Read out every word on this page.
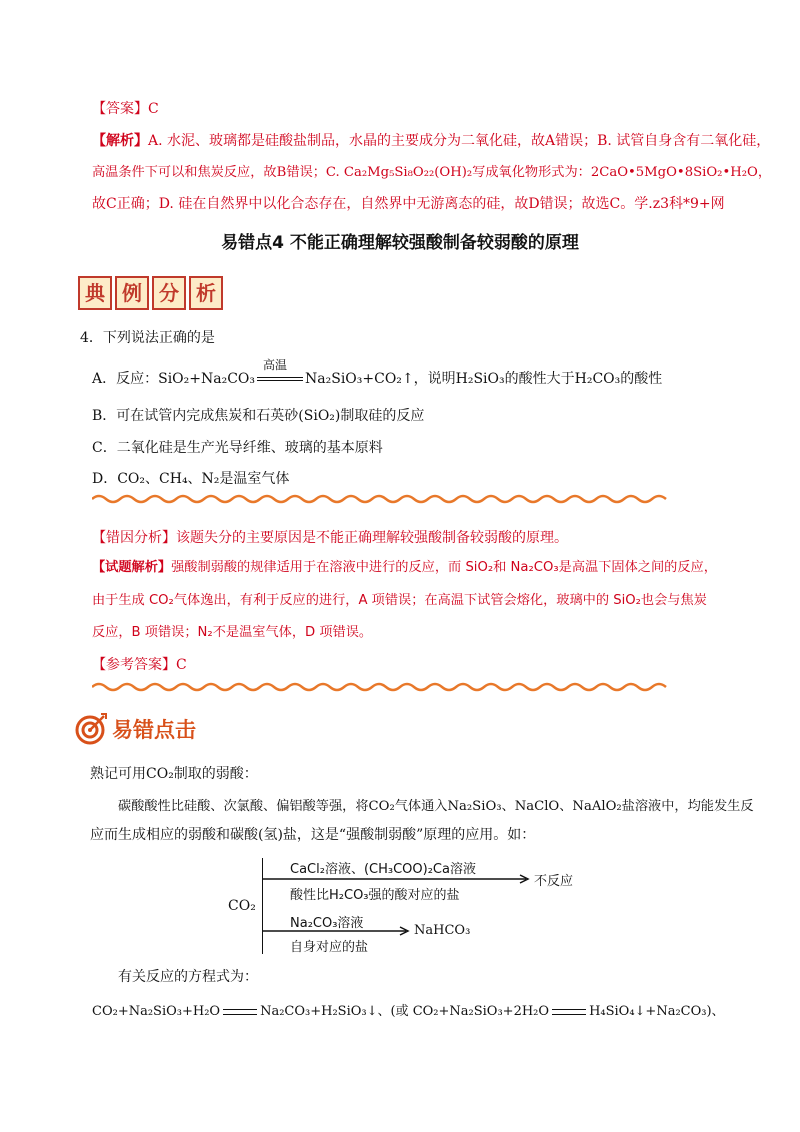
【答案】C
【解析】A. 水泥、玻璃都是硅酸盐制品，水晶的主要成分为二氧化硅，故A错误；B. 试管自身含有二氧化硅，
高温条件下可以和焦炭反应，故B错误；C. Ca₂Mg₅Si₈O₂₂(OH)₂写成氧化物形式为：2CaO•5MgO•8SiO₂•H₂O，
故C正确；D. 硅在自然界中以化合态存在，自然界中无游离态的硅，故D错误；故选C。学.z3科*9+网
易错点4 不能正确理解较强酸制备较弱酸的原理
典 例 分 析
4．下列说法正确的是
A．反应：SiO₂+Na₂CO₃
高温
Na₂SiO₃+CO₂↑，说明H₂SiO₃的酸性大于H₂CO₃的酸性
B．可在试管内完成焦炭和石英砂(SiO₂)制取硅的反应
C．二氧化硅是生产光导纤维、玻璃的基本原料
D．CO₂、CH₄、N₂是温室气体
【错因分析】该题失分的主要原因是不能正确理解较强酸制备较弱酸的原理。
【试题解析】强酸制弱酸的规律适用于在溶液中进行的反应，而 SiO₂和 Na₂CO₃是高温下固体之间的反应，
由于生成 CO₂气体逸出，有利于反应的进行，A 项错误；在高温下试管会熔化，玻璃中的 SiO₂也会与焦炭
反应，B 项错误；N₂不是温室气体，D 项错误。
【参考答案】C
易错点击
熟记可用CO₂制取的弱酸：
碳酸酸性比硅酸、次氯酸、偏铝酸等强，将CO₂气体通入Na₂SiO₃、NaClO、NaAlO₂盐溶液中，均能发生反
应而生成相应的弱酸和碳酸(氢)盐，这是“强酸制弱酸”原理的应用。如：
CO₂
CaCl₂溶液、(CH₃COO)₂Ca溶液
酸性比H₂CO₃强的酸对应的盐
不反应
Na₂CO₃溶液
自身对应的盐
NaHCO₃
有关反应的方程式为：
CO₂+Na₂SiO₃+H₂O	Na₂CO₃+H₂SiO₃↓、(或 CO₂+Na₂SiO₃+2H₂O	H₄SiO₄↓+Na₂CO₃)、
